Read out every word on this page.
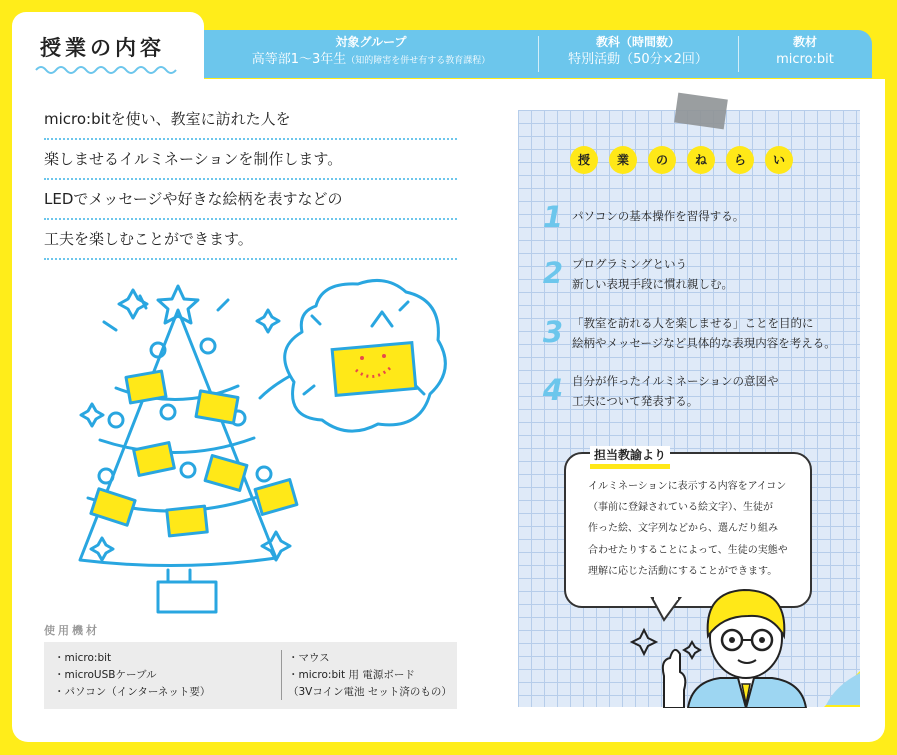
授業の内容	対象グループ
高等部1～3年生（知的障害を併せ有する教育課程）
教科（時間数）
特別活動（50分×2回）
教材
micro:bit
micro:bitを使い、教室に訪れた人を
楽しませるイルミネーションを制作します。
LEDでメッセージや好きな絵柄を表すなどの
工夫を楽しむことができます。
使用機材
・micro:bit
・microUSBケーブル
・パソコン（インターネット要）
・マウス
・micro:bit 用 電源ボード
（3Vコイン電池 セット済のもの）
授	業	の	ね	ら	い
1 パソコンの基本操作を習得する。
2 プログラミングという
新しい表現手段に慣れ親しむ。
3 「教室を訪れる人を楽しませる」ことを目的に
絵柄やメッセージなど具体的な表現内容を考える。
4 自分が作ったイルミネーションの意図や
工夫について発表する。
担当教諭より
イルミネーションに表示する内容をアイコン
（事前に登録されている絵文字）、生徒が
作った絵、文字列などから、選んだり組み
合わせたりすることによって、生徒の実態や
理解に応じた活動にすることができます。
